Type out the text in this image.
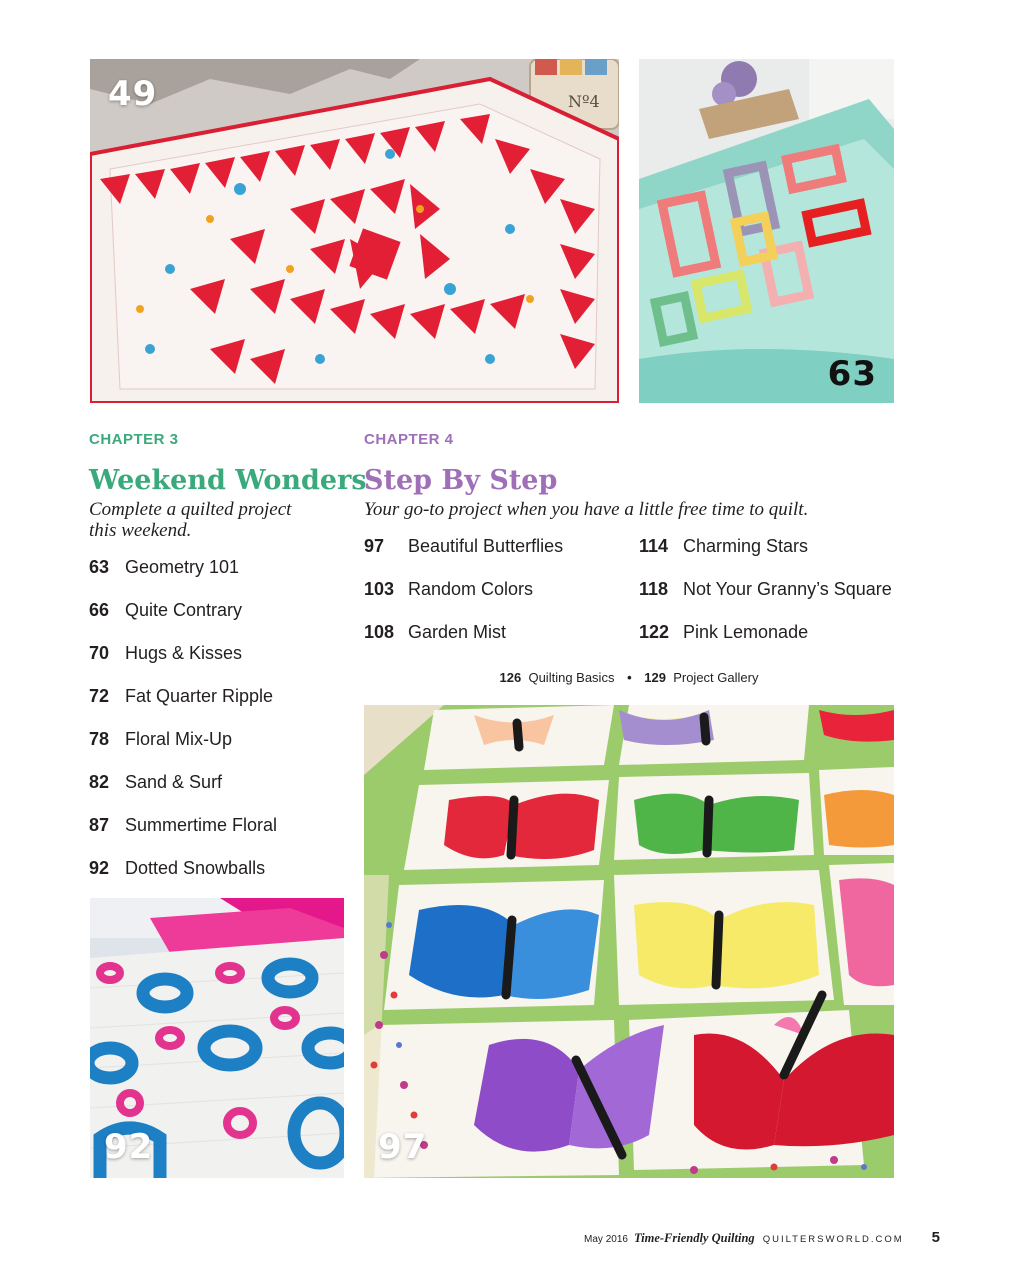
Nº4
49
63
CHAPTER 3
Weekend Wonders
Complete a quilted project this weekend.
63 Geometry 101
66 Quite Contrary
70 Hugs & Kisses
72 Fat Quarter Ripple
78 Floral Mix-Up
82 Sand & Surf
87 Summertime Floral
92 Dotted Snowballs
CHAPTER 4
Step By Step
Your go-to project when you have a little free time to quilt.
97	Beautiful Butterflies
103 Random Colors
108 Garden Mist
114 Charming Stars
118 Not Your Granny’s Square
122 Pink Lemonade
126 Quilting Basics • 129 Project Gallery
92	97
May 2016 Time-Friendly Quilting QUILTERSWORLD.COM 5
